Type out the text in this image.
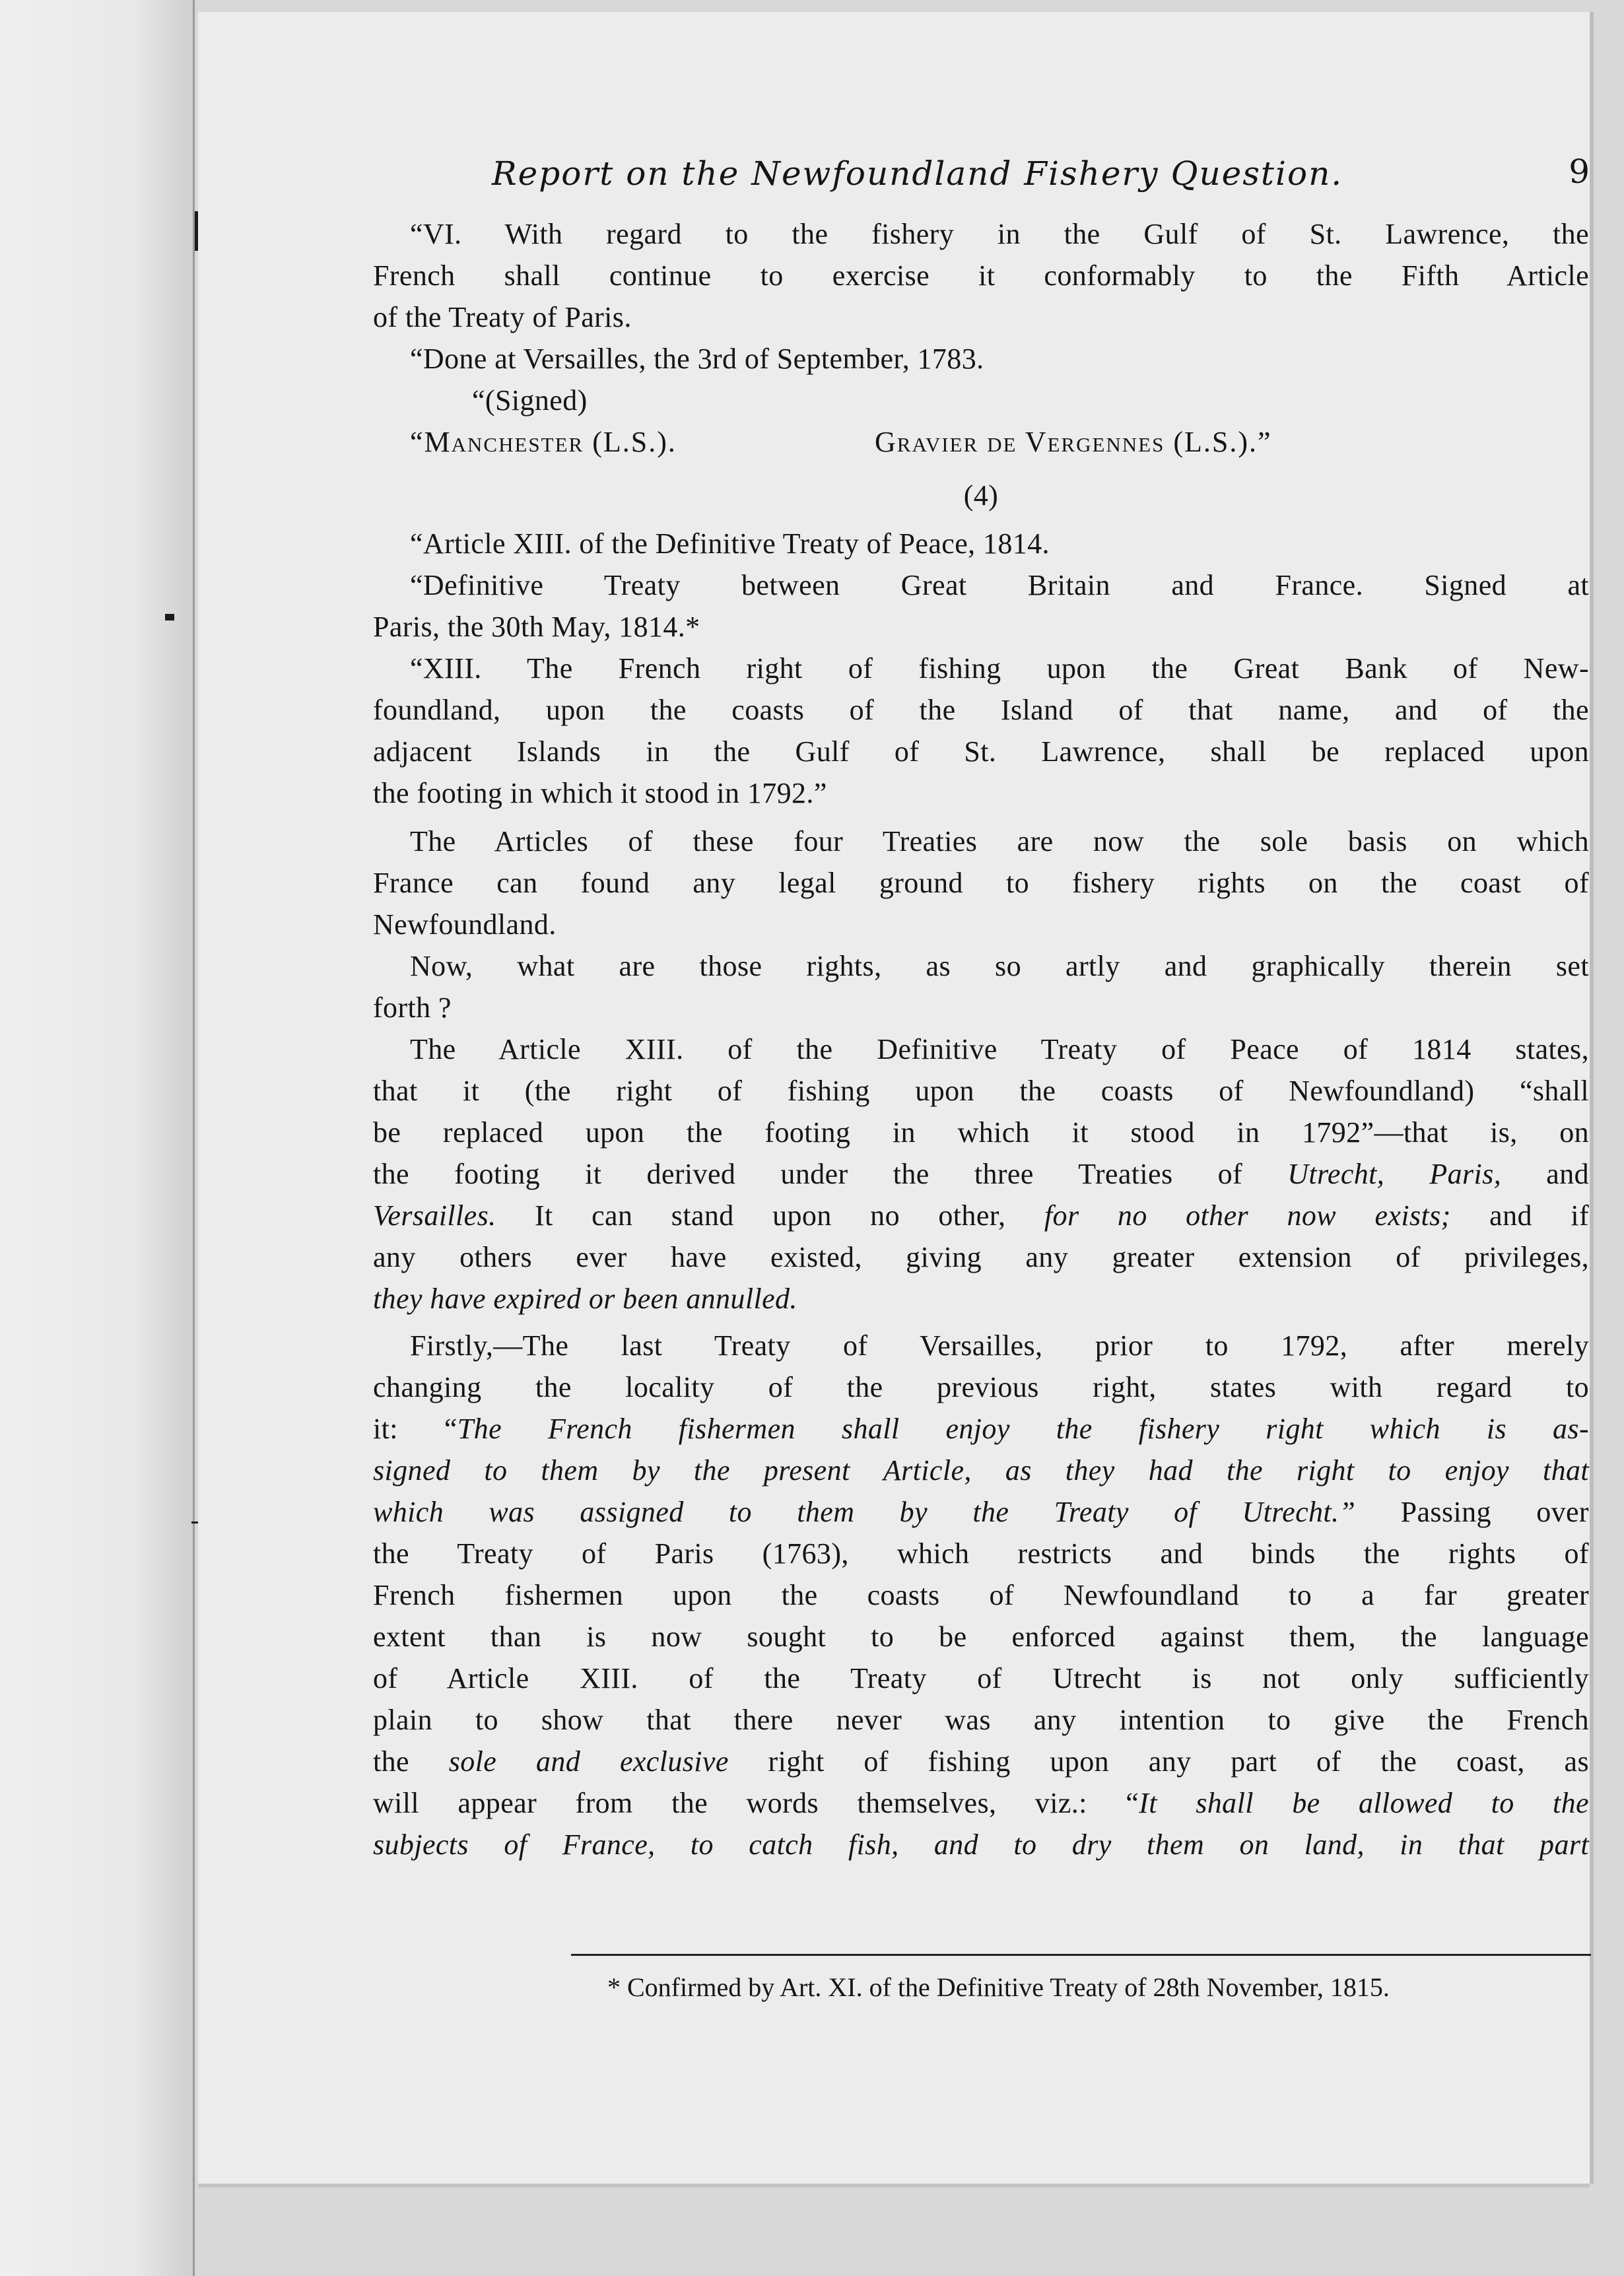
Report on the Newfoundland Fishery Question.	9
“VI. With regard to the fishery in the Gulf of St. Lawrence, the
French shall continue to exercise it conformably to the Fifth Article
of the Treaty of Paris.
“Done at Versailles, the 3rd of September, 1783.
“(Signed)
“Manchester (L.S.).	Gravier de Vergennes (L.S.).”
(4)
“Article XIII. of the Definitive Treaty of Peace, 1814.
“Definitive Treaty between Great Britain and France. Signed at
Paris, the 30th May, 1814.*
“XIII. The French right of fishing upon the Great Bank of New-
foundland, upon the coasts of the Island of that name, and of the
adjacent Islands in the Gulf of St. Lawrence, shall be replaced upon
the footing in which it stood in 1792.”
The Articles of these four Treaties are now the sole basis on which
France can found any legal ground to fishery rights on the coast of
Newfoundland.
Now, what are those rights, as so artly and graphically therein set
forth ?
The Article XIII. of the Definitive Treaty of Peace of 1814 states,
that it (the right of fishing upon the coasts of Newfoundland) “shall
be replaced upon the footing in which it stood in 1792”—that is, on
the footing it derived under the three Treaties of Utrecht, Paris, and
Versailles. It can stand upon no other, for no other now exists; and if
any others ever have existed, giving any greater extension of privileges,
they have expired or been annulled.
Firstly,—The last Treaty of Versailles, prior to 1792, after merely
changing the locality of the previous right, states with regard to
it: “The French fishermen shall enjoy the fishery right which is as-
signed to them by the present Article, as they had the right to enjoy that
which was assigned to them by the Treaty of Utrecht.” Passing over
the Treaty of Paris (1763), which restricts and binds the rights of
French fishermen upon the coasts of Newfoundland to a far greater
extent than is now sought to be enforced against them, the language
of Article XIII. of the Treaty of Utrecht is not only sufficiently
plain to show that there never was any intention to give the French
the sole and exclusive right of fishing upon any part of the coast, as
will appear from the words themselves, viz.: “It shall be allowed to the
subjects of France, to catch fish, and to dry them on land, in that part
* Confirmed by Art. XI. of the Definitive Treaty of 28th November, 1815.
